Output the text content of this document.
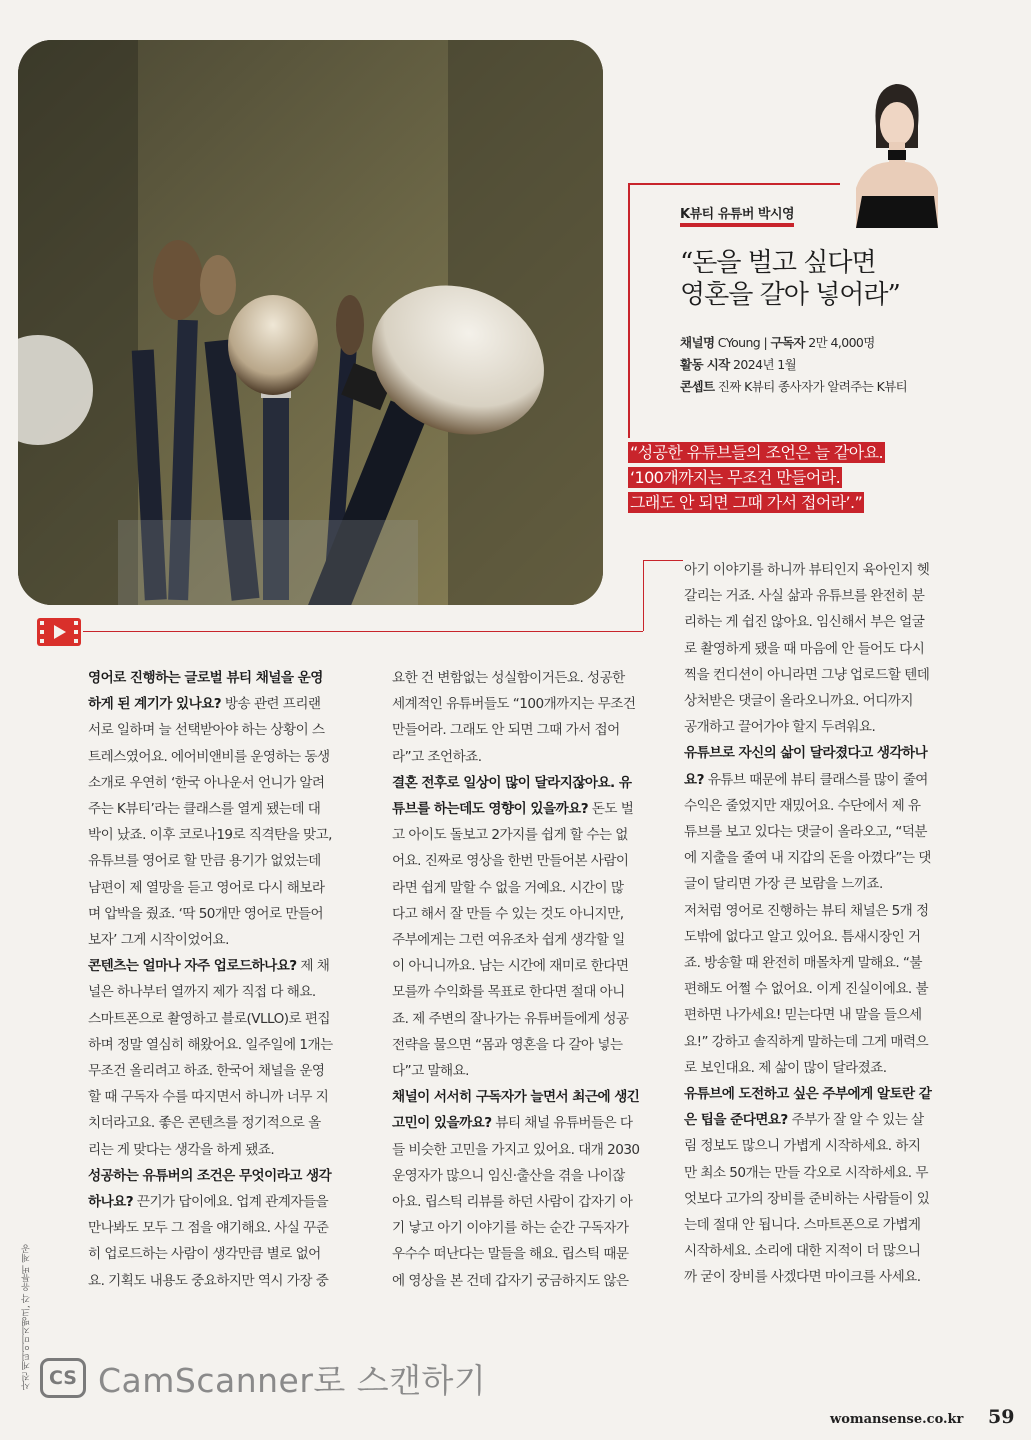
K뷰티 유튜버 박시영
“돈을 벌고 싶다면
영혼을 갈아 넣어라”
채널명 CYoung | 구독자 2만 4,000명
활동 시작 2024년 1월
콘셉트 진짜 K뷰티 종사자가 알려주는 K뷰티
“성공한 유튜브들의 조언은 늘 같아요.
‘100개까지는 무조건 만들어라.
그래도 안 되면 그때 가서 접어라’.”
영어로 진행하는 글로벌 뷰티 채널을 운영
하게 된 계기가 있나요? 방송 관련 프리랜
서로 일하며 늘 선택받아야 하는 상황이 스
트레스였어요. 에어비앤비를 운영하는 동생
소개로 우연히 ‘한국 아나운서 언니가 알려
주는 K뷰티’라는 클래스를 열게 됐는데 대
박이 났죠. 이후 코로나19로 직격탄을 맞고,
유튜브를 영어로 할 만큼 용기가 없었는데
남편이 제 열망을 듣고 영어로 다시 해보라
며 압박을 줬죠. ‘딱 50개만 영어로 만들어
보자’ 그게 시작이었어요.
콘텐츠는 얼마나 자주 업로드하나요? 제 채
널은 하나부터 열까지 제가 직접 다 해요.
스마트폰으로 촬영하고 블로(VLLO)로 편집
하며 정말 열심히 해왔어요. 일주일에 1개는
무조건 올리려고 하죠. 한국어 채널을 운영
할 때 구독자 수를 따지면서 하니까 너무 지
치더라고요. 좋은 콘텐츠를 정기적으로 올
리는 게 맞다는 생각을 하게 됐죠.
성공하는 유튜버의 조건은 무엇이라고 생각
하나요? 끈기가 답이에요. 업계 관계자들을
만나봐도 모두 그 점을 얘기해요. 사실 꾸준
히 업로드하는 사람이 생각만큼 별로 없어
요. 기획도 내용도 중요하지만 역시 가장 중
요한 건 변함없는 성실함이거든요. 성공한
세계적인 유튜버들도 “100개까지는 무조건
만들어라. 그래도 안 되면 그때 가서 접어
라”고 조언하죠.
결혼 전후로 일상이 많이 달라지잖아요. 유
튜브를 하는데도 영향이 있을까요? 돈도 벌
고 아이도 돌보고 2가지를 쉽게 할 수는 없
어요. 진짜로 영상을 한번 만들어본 사람이
라면 쉽게 말할 수 없을 거예요. 시간이 많
다고 해서 잘 만들 수 있는 것도 아니지만,
주부에게는 그런 여유조차 쉽게 생각할 일
이 아니니까요. 남는 시간에 재미로 한다면
모를까 수익화를 목표로 한다면 절대 아니
죠. 제 주변의 잘나가는 유튜버들에게 성공
전략을 물으면 “몸과 영혼을 다 갈아 넣는
다”고 말해요.
채널이 서서히 구독자가 늘면서 최근에 생긴
고민이 있을까요? 뷰티 채널 유튜버들은 다
들 비슷한 고민을 가지고 있어요. 대개 2030
운영자가 많으니 임신·출산을 겪을 나이잖
아요. 립스틱 리뷰를 하던 사람이 갑자기 아
기 낳고 아기 이야기를 하는 순간 구독자가
우수수 떠난다는 말들을 해요. 립스틱 때문
에 영상을 본 건데 갑자기 궁금하지도 않은
아기 이야기를 하니까 뷰티인지 육아인지 헷
갈리는 거죠. 사실 삶과 유튜브를 완전히 분
리하는 게 쉽진 않아요. 임신해서 부은 얼굴
로 촬영하게 됐을 때 마음에 안 들어도 다시
찍을 컨디션이 아니라면 그냥 업로드할 텐데
상처받은 댓글이 올라오니까요. 어디까지
공개하고 끌어가야 할지 두려워요.
유튜브로 자신의 삶이 달라졌다고 생각하나
요? 유튜브 때문에 뷰티 클래스를 많이 줄여
수익은 줄었지만 재밌어요. 수단에서 제 유
튜브를 보고 있다는 댓글이 올라오고, “덕분
에 지출을 줄여 내 지갑의 돈을 아꼈다”는 댓
글이 달리면 가장 큰 보람을 느끼죠.
저처럼 영어로 진행하는 뷰티 채널은 5개 정
도밖에 없다고 알고 있어요. 틈새시장인 거
죠. 방송할 때 완전히 매몰차게 말해요. “불
편해도 어쩔 수 없어요. 이게 진실이에요. 불
편하면 나가세요! 믿는다면 내 말을 들으세
요!” 강하고 솔직하게 말하는데 그게 매력으
로 보인대요. 제 삶이 많이 달라졌죠.
유튜브에 도전하고 싶은 주부에게 알토란 같
은 팁을 준다면요? 주부가 잘 알 수 있는 살
림 정보도 많으니 가볍게 시작하세요. 하지
만 최소 50개는 만들 각오로 시작하세요. 무
엇보다 고가의 장비를 준비하는 사람들이 있
는데 절대 안 됩니다. 스마트폰으로 가볍게
시작하세요. 소리에 대한 지적이 더 많으니
까 굳이 장비를 사겠다면 마이크를 사세요.
사진 게티이미지뱅크, 각 유튜버 제공 CS CamScanner로 스캔하기
womansense.co.kr 59
